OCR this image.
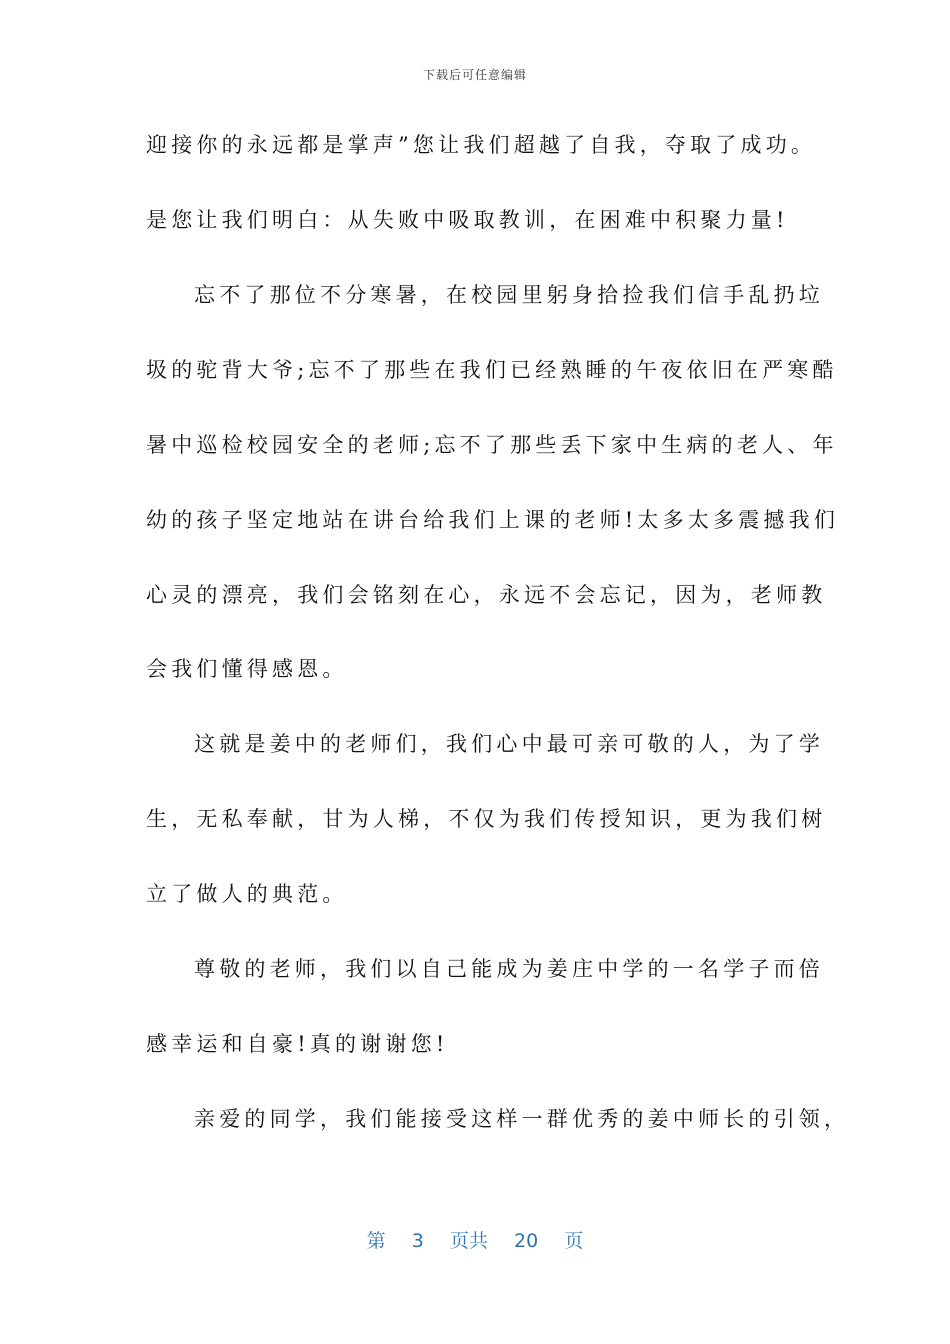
下载后可任意编辑
迎接你的永远都是掌声”您让我们超越了自我，夺取了成功。
是您让我们明白：从失败中吸取教训，在困难中积聚力量!
忘不了那位不分寒暑，在校园里躬身拾捡我们信手乱扔垃
圾的驼背大爷;忘不了那些在我们已经熟睡的午夜依旧在严寒酷
暑中巡检校园安全的老师;忘不了那些丢下家中生病的老人、年
幼的孩子坚定地站在讲台给我们上课的老师!太多太多震撼我们
心灵的漂亮，我们会铭刻在心，永远不会忘记，因为，老师教
会我们懂得感恩。
这就是姜中的老师们，我们心中最可亲可敬的人，为了学
生，无私奉献，甘为人梯，不仅为我们传授知识，更为我们树
立了做人的典范。
尊敬的老师，我们以自己能成为姜庄中学的一名学子而倍
感幸运和自豪!真的谢谢您!
亲爱的同学，我们能接受这样一群优秀的姜中师长的引领，
第 3 页共 20 页
